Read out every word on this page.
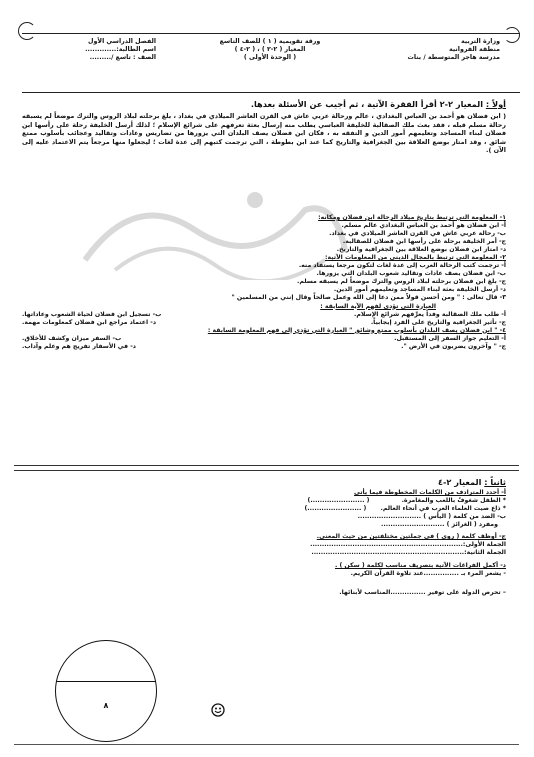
وزارة التربية
منطقة الفروانية
مدرسة هاجر المتوسطة / بنات
ورقة تقويمية ( ١ ) للصف التاسع
المعيار ( ٢-٢ ) ، ( ٢-٤ )
( الوحدة الأولى )
الفصل الدراسي الأول
اسم الطالبة:.............
الصف : تاسع /.........
أولاً : المعيار ٢-٢ أقرأ الفقرة الآتية ، ثم أجيب عن الأسئلة بعدها.
( ابن فضلان هو أحمد بن العباس البغدادي ، عالم ورحالة عربي عاش في القرن العاشر الميلادي في بغداد ، بلغ برحلته لبلاد الروس والترك موضعاً لم يسبقه رحالة مسلم قبله ، فقد بعث ملك الصقالبة للخليفة العباسي يطلب منه إرسال بعثة تعرفهم على شرائع الإسلام ؛ لذلك أرسل الخليفة رحلة على رأسها ابن فضلان لبناء المساجد وتعليمهم أمور الدين و التفقه به ، فكان ابن فضلان يصف البلدان التي يزورها من تضاريس وعادات وتقاليد وعجائب بأسلوب ممتع شائق ، وقد امتاز بوضع العلاقة بين الجغرافية والتاريخ كما عند ابن بطوطة ، التي ترجمت كتبهم إلى عدة لغات ؛ ليجعلوا منها مرجعاً يتم الاعتماد عليه إلى الآن ).
١- المعلومة التي ترتبط بتاريخ ميلاد الرحالة ابن فضلان ومكانه:
أ- ابن فضلان هو أحمد بن العباس البغدادي عالم مسلم.
ب- رحالة عربي عاش في القرن العاشر الميلادي في بغداد.
ج- أمر الخليفة برحلة على رأسها ابن فضلان للصقالبة.
د- امتاز ابن فضلان بوضع العلاقة بين الجغرافية والتاريخ.
٢- المعلومة التي ترتبط بالمجال الديني من المعلومات الآتية:
أ- ترجمت كتب الرحالة العرب إلى عدة لغات لتكون مرجعا يستفاد منه.
ب- ابن فضلان يصف عادات وتقاليد شعوب البلدان التي يزورها.
ج- بلغ ابن فضلان برحلته لبلاد الروس والترك موضعاً لم يسبقه مسلم.
د- أرسل الخليفة بعثة لبناء المساجد وتعليمهم أمور الدين.
٣- قال تعالى : " ومن أحسن قولاً ممن دعا إلى الله وعمل صالحاً وقال إنني من المسلمين "
العبارة التي تؤدي لفهم الآية السابقة :
أ- طلب ملك الصقالبة وفداً يعرِّفهم شرائع الإسلام.
ب- تسجيل ابن فضلان لحياة الشعوب وعاداتها.
ج- تأثير الجغرافية والتاريخ على الفرد إيجابياً.
د- اعتماد مراجع ابن فضلان كمعلومات مهمة.
٤- " ابن فضلان يصف البلدان بأسلوب ممتع وشائق " العبارة التي تؤدي إلى فهم المعلومة السابقة :
أ- التعليم جواز السفر إلى المستقبل.
ب- السفر ميزان وكشف للأخلاق.
ج- " وآخرون يضربون في الأرض ".
د- في الأسفار تفريج هم وعلم وآداب.
ثانياً : المعيار ٢-٤
أ- أحدد المترادف من الكلمات المخطوطة فيما يأتي
* الطفل شغوفٌ باللعب والمغامرة. ( .......................)
* ذاع صيت العلماء العرب في أنحاء العالم. ( .......................)
ب- الضد من كلمة ( اليأس ) ...........................
ومفرد ( الغرائز ) ...........................
ج- أوظف كلمة ( روى ) في جملتين مختلفتين من حيث المعنى.
الجملة الأولى:.................................................................
الجملة الثانية:.................................................................
د- أكمل الفراغات الآتية بتصريف مناسب لكلمة ( سكن ) .
- يشعر المرء بـ ...............عند تلاوة القرآن الكريم.
– تحرص الدولة على توفير ...............المناسب لأبنائها.
٨
